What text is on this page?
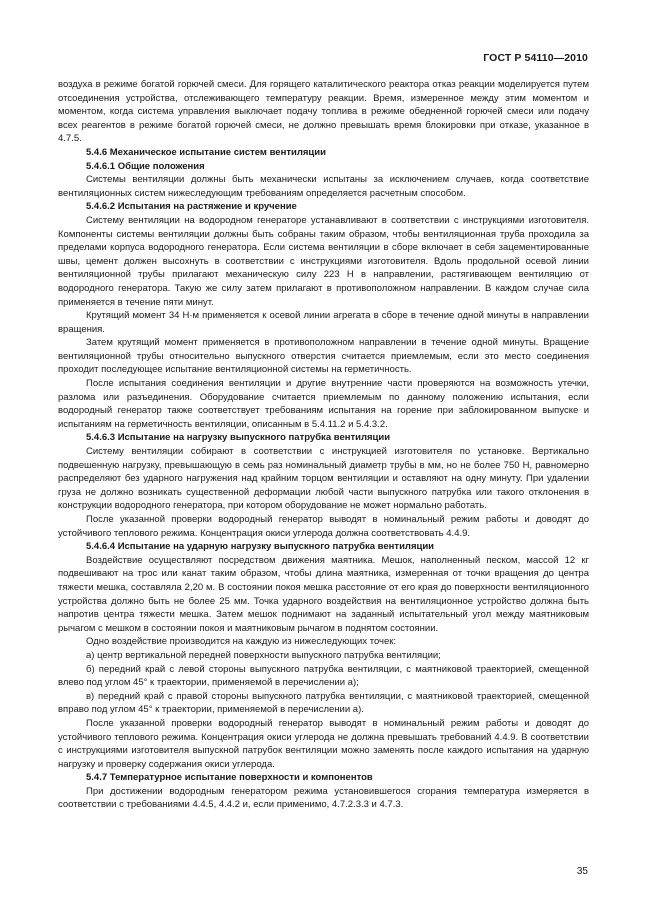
ГОСТ Р 54110—2010

воздуха в режиме богатой горючей смеси. Для горящего каталитического реактора отказ реакции моделируется путем отсоединения устройства, отслеживающего температуру реакции. Время, измеренное между этим моментом и моментом, когда система управления выключает подачу топлива в режиме обедненной горючей смеси или подачу всех реагентов в режиме богатой горючей смеси, не должно превышать время блокировки при отказе, указанное в 4.7.5.

5.4.6 Механическое испытание систем вентиляции

5.4.6.1 Общие положения

Системы вентиляции должны быть механически испытаны за исключением случаев, когда соответствие вентиляционных систем нижеследующим требованиям определяется расчетным способом.

5.4.6.2 Испытания на растяжение и кручение

Систему вентиляции на водородном генераторе устанавливают в соответствии с инструкциями изготовителя. Компоненты системы вентиляции должны быть собраны таким образом, чтобы вентиляционная труба проходила за пределами корпуса водородного генератора. Если система вентиляции в сборе включает в себя зацементированные швы, цемент должен высохнуть в соответствии с инструкциями изготовителя. Вдоль продольной осевой линии вентиляционной трубы прилагают механическую силу 223 Н в направлении, растягивающем вентиляцию от водородного генератора. Такую же силу затем прилагают в противоположном направлении. В каждом случае сила применяется в течение пяти минут.

Крутящий момент 34 Н·м применяется к осевой линии агрегата в сборе в течение одной минуты в направлении вращения.

Затем крутящий момент применяется в противоположном направлении в течение одной минуты. Вращение вентиляционной трубы относительно выпускного отверстия считается приемлемым, если это место соединения проходит последующее испытание вентиляционной системы на герметичность.

После испытания соединения вентиляции и другие внутренние части проверяются на возможность утечки, разлома или разъединения. Оборудование считается приемлемым по данному положению испытания, если водородный генератор также соответствует требованиям испытания на горение при заблокированном выпуске и испытаниям на герметичность вентиляции, описанным в 5.4.11.2 и 5.4.3.2.

5.4.6.3 Испытание на нагрузку выпускного патрубка вентиляции

Систему вентиляции собирают в соответствии с инструкцией изготовителя по установке. Вертикально подвешенную нагрузку, превышающую в семь раз номинальный диаметр трубы в мм, но не более 750 Н, равномерно распределяют без ударного нагружения над крайним торцом вентиляции и оставляют на одну минуту. При удалении груза не должно возникать существенной деформации любой части выпускного патрубка или такого отклонения в конструкции водородного генератора, при котором оборудование не может нормально работать.

После указанной проверки водородный генератор выводят в номинальный режим работы и доводят до устойчивого теплового режима. Концентрация окиси углерода должна соответствовать 4.4.9.

5.4.6.4 Испытание на ударную нагрузку выпускного патрубка вентиляции

Воздействие осуществляют посредством движения маятника. Мешок, наполненный песком, массой 12 кг подвешивают на трос или канат таким образом, чтобы длина маятника, измеренная от точки вращения до центра тяжести мешка, составляла 2,20 м. В состоянии покоя мешка расстояние от его края до поверхности вентиляционного устройства должно быть не более 25 мм. Точка ударного воздействия на вентиляционное устройство должна быть напротив центра тяжести мешка. Затем мешок поднимают на заданный испытательный угол между маятниковым рычагом с мешком в состоянии покоя и маятниковым рычагом в поднятом состоянии.

Одно воздействие производится на каждую из нижеследующих точек:

а) центр вертикальной передней поверхности выпускного патрубка вентиляции;

б) передний край с левой стороны выпускного патрубка вентиляции, с маятниковой траекторией, смещенной влево под углом 45° к траектории, применяемой в перечислении а);

в) передний край с правой стороны выпускного патрубка вентиляции, с маятниковой траекторией, смещенной вправо под углом 45° к траектории, применяемой в перечислении а).

После указанной проверки водородный генератор выводят в номинальный режим работы и доводят до устойчивого теплового режима. Концентрация окиси углерода не должна превышать требований 4.4.9. В соответствии с инструкциями изготовителя выпускной патрубок вентиляции можно заменять после каждого испытания на ударную нагрузку и проверку содержания окиси углерода.

5.4.7 Температурное испытание поверхности и компонентов

При достижении водородным генератором режима установившегося сгорания температура измеряется в соответствии с требованиями 4.4.5, 4.4.2 и, если применимо, 4.7.2.3.3 и 4.7.3.

35
